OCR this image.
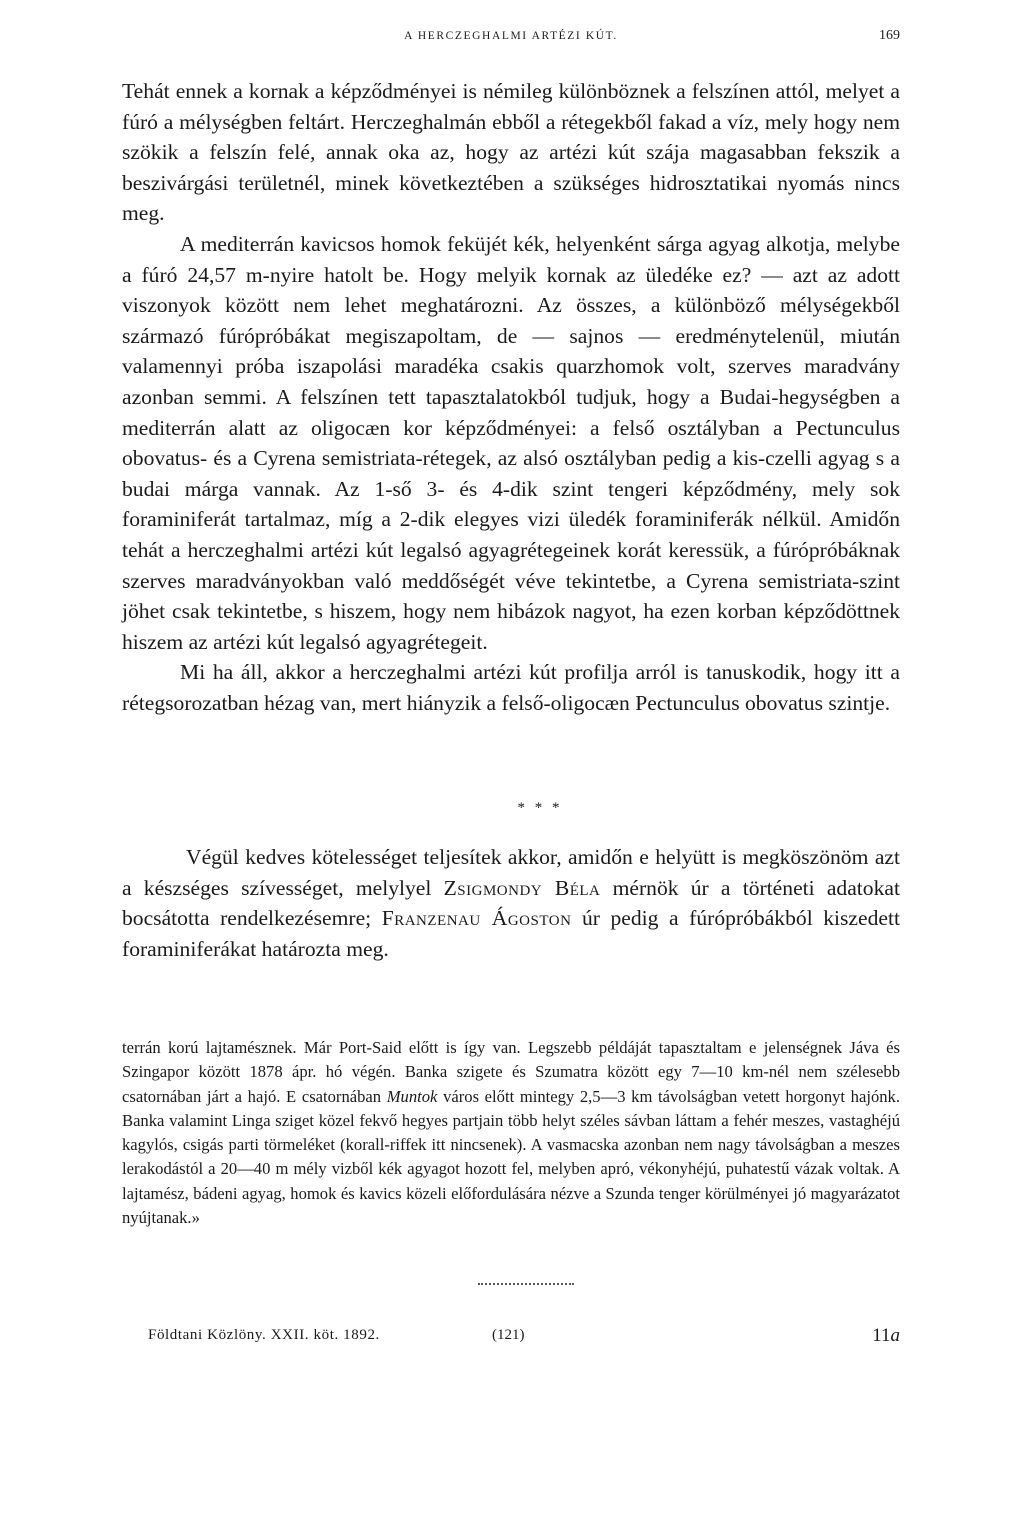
A HERCZEGHALMI ARTÉZI KÚT.	169

Tehát ennek a kornak a képződményei is némileg különböznek a felszínen attól, melyet a fúró a mélységben feltárt. Herczeghalmán ebből a rétegekből fakad a víz, mely hogy nem szökik a felszín felé, annak oka az, hogy az artézi kút szája magasabban fekszik a beszivárgási területnél, minek következtében a szükséges hidrosztatikai nyomás nincs meg.

A mediterrán kavicsos homok feküjét kék, helyenként sárga agyag alkotja, melybe a fúró 24,57 m-nyire hatolt be. Hogy melyik kornak az üledéke ez? — azt az adott viszonyok között nem lehet meghatározni. Az összes, a különböző mélységekből származó fúrópróbákat megiszapoltam, de — sajnos — eredménytelenül, miután valamennyi próba iszapolási maradéka csakis quarzhomok volt, szerves maradvány azonban semmi. A felszínen tett tapasztalatokból tudjuk, hogy a Budai-hegységben a mediterrán alatt az oligocæn kor képződményei: a felső osztályban a Pectunculus obovatus- és a Cyrena semistriata-rétegek, az alsó osztályban pedig a kis-czelli agyag s a budai márga vannak. Az 1-ső 3- és 4-dik szint tengeri képződmény, mely sok foraminiferát tartalmaz, míg a 2-dik elegyes vizi üledék foraminiferák nélkül. Amidőn tehát a herczeghalmi artézi kút legalsó agyagrétegeinek korát keressük, a fúrópróbáknak szerves maradványokban való meddőségét véve tekintetbe, a Cyrena semistriata-szint jöhet csak tekintetbe, s hiszem, hogy nem hibázok nagyot, ha ezen korban képződöttnek hiszem az artézi kút legalsó agyagrétegeit.

Mi ha áll, akkor a herczeghalmi artézi kút profilja arról is tanuskodik, hogy itt a rétegsorozatban hézag van, mert hiányzik a felső-oligocæn Pectunculus obovatus szintje.

* * *

Végül kedves kötelességet teljesítek akkor, amidőn e helyütt is megköszönöm azt a készséges szívességet, melylyel Zsigmondy Béla mérnök úr a történeti adatokat bocsátotta rendelkezésemre; Franzenau Ágoston úr pedig a fúrópróbákból kiszedett foraminiferákat határozta meg.

terrán korú lajtamésznek. Már Port-Said előtt is így van. Legszebb példáját tapasztaltam e jelenségnek Jáva és Szingapor között 1878 ápr. hó végén. Banka szigete és Szumatra között egy 7—10 km-nél nem szélesebb csatornában járt a hajó. E csatornában Muntok város előtt mintegy 2,5—3 km távolságban vetett horgonyt hajónk. Banka valamint Linga sziget közel fekvő hegyes partjain több helyt széles sávban láttam a fehér meszes, vastaghéjú kagylós, csigás parti törmeléket (korall-riffek itt nincsenek). A vasmacska azonban nem nagy távolságban a meszes lerakodástól a 20—40 m mély vizből kék agyagot hozott fel, melyben apró, vékonyhéjú, puhatestű vázak voltak. A lajtamész, bádeni agyag, homok és kavics közeli előfordulására nézve a Szunda tenger körülményei jó magyarázatot nyújtanak.»

Földtani Közlöny. XXII. köt. 1892.	(121)	11a
